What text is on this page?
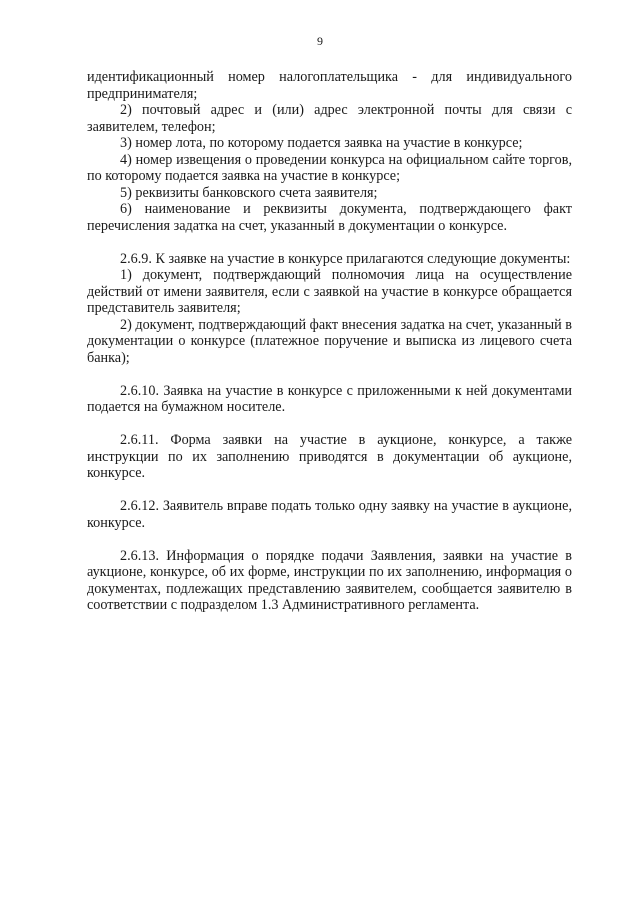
9

идентификационный номер налогоплательщика - для индивидуального предпринимателя;

2) почтовый адрес и (или) адрес электронной почты для связи с заявителем, телефон;

3) номер лота, по которому подается заявка на участие в конкурсе;

4) номер извещения о проведении конкурса на официальном сайте торгов, по которому подается заявка на участие в конкурсе;

5) реквизиты банковского счета заявителя;

6) наименование и реквизиты документа, подтверждающего факт перечисления задатка на счет, указанный в документации о конкурсе.

2.6.9. К заявке на участие в конкурсе прилагаются следующие документы:

1) документ, подтверждающий полномочия лица на осуществление действий от имени заявителя, если с заявкой на участие в конкурсе обращается представитель заявителя;

2) документ, подтверждающий факт внесения задатка на счет, указанный в документации о конкурсе (платежное поручение и выписка из лицевого счета банка);

2.6.10. Заявка на участие в конкурсе с приложенными к ней документами подается на бумажном носителе.

2.6.11. Форма заявки на участие в аукционе, конкурсе, а также инструкции по их заполнению приводятся в документации об аукционе, конкурсе.

2.6.12. Заявитель вправе подать только одну заявку на участие в аукционе, конкурсе.

2.6.13. Информация о порядке подачи Заявления, заявки на участие в аукционе, конкурсе, об их форме, инструкции по их заполнению, информация о документах, подлежащих представлению заявителем, сообщается заявителю в соответствии с подразделом 1.3 Административного регламента.
